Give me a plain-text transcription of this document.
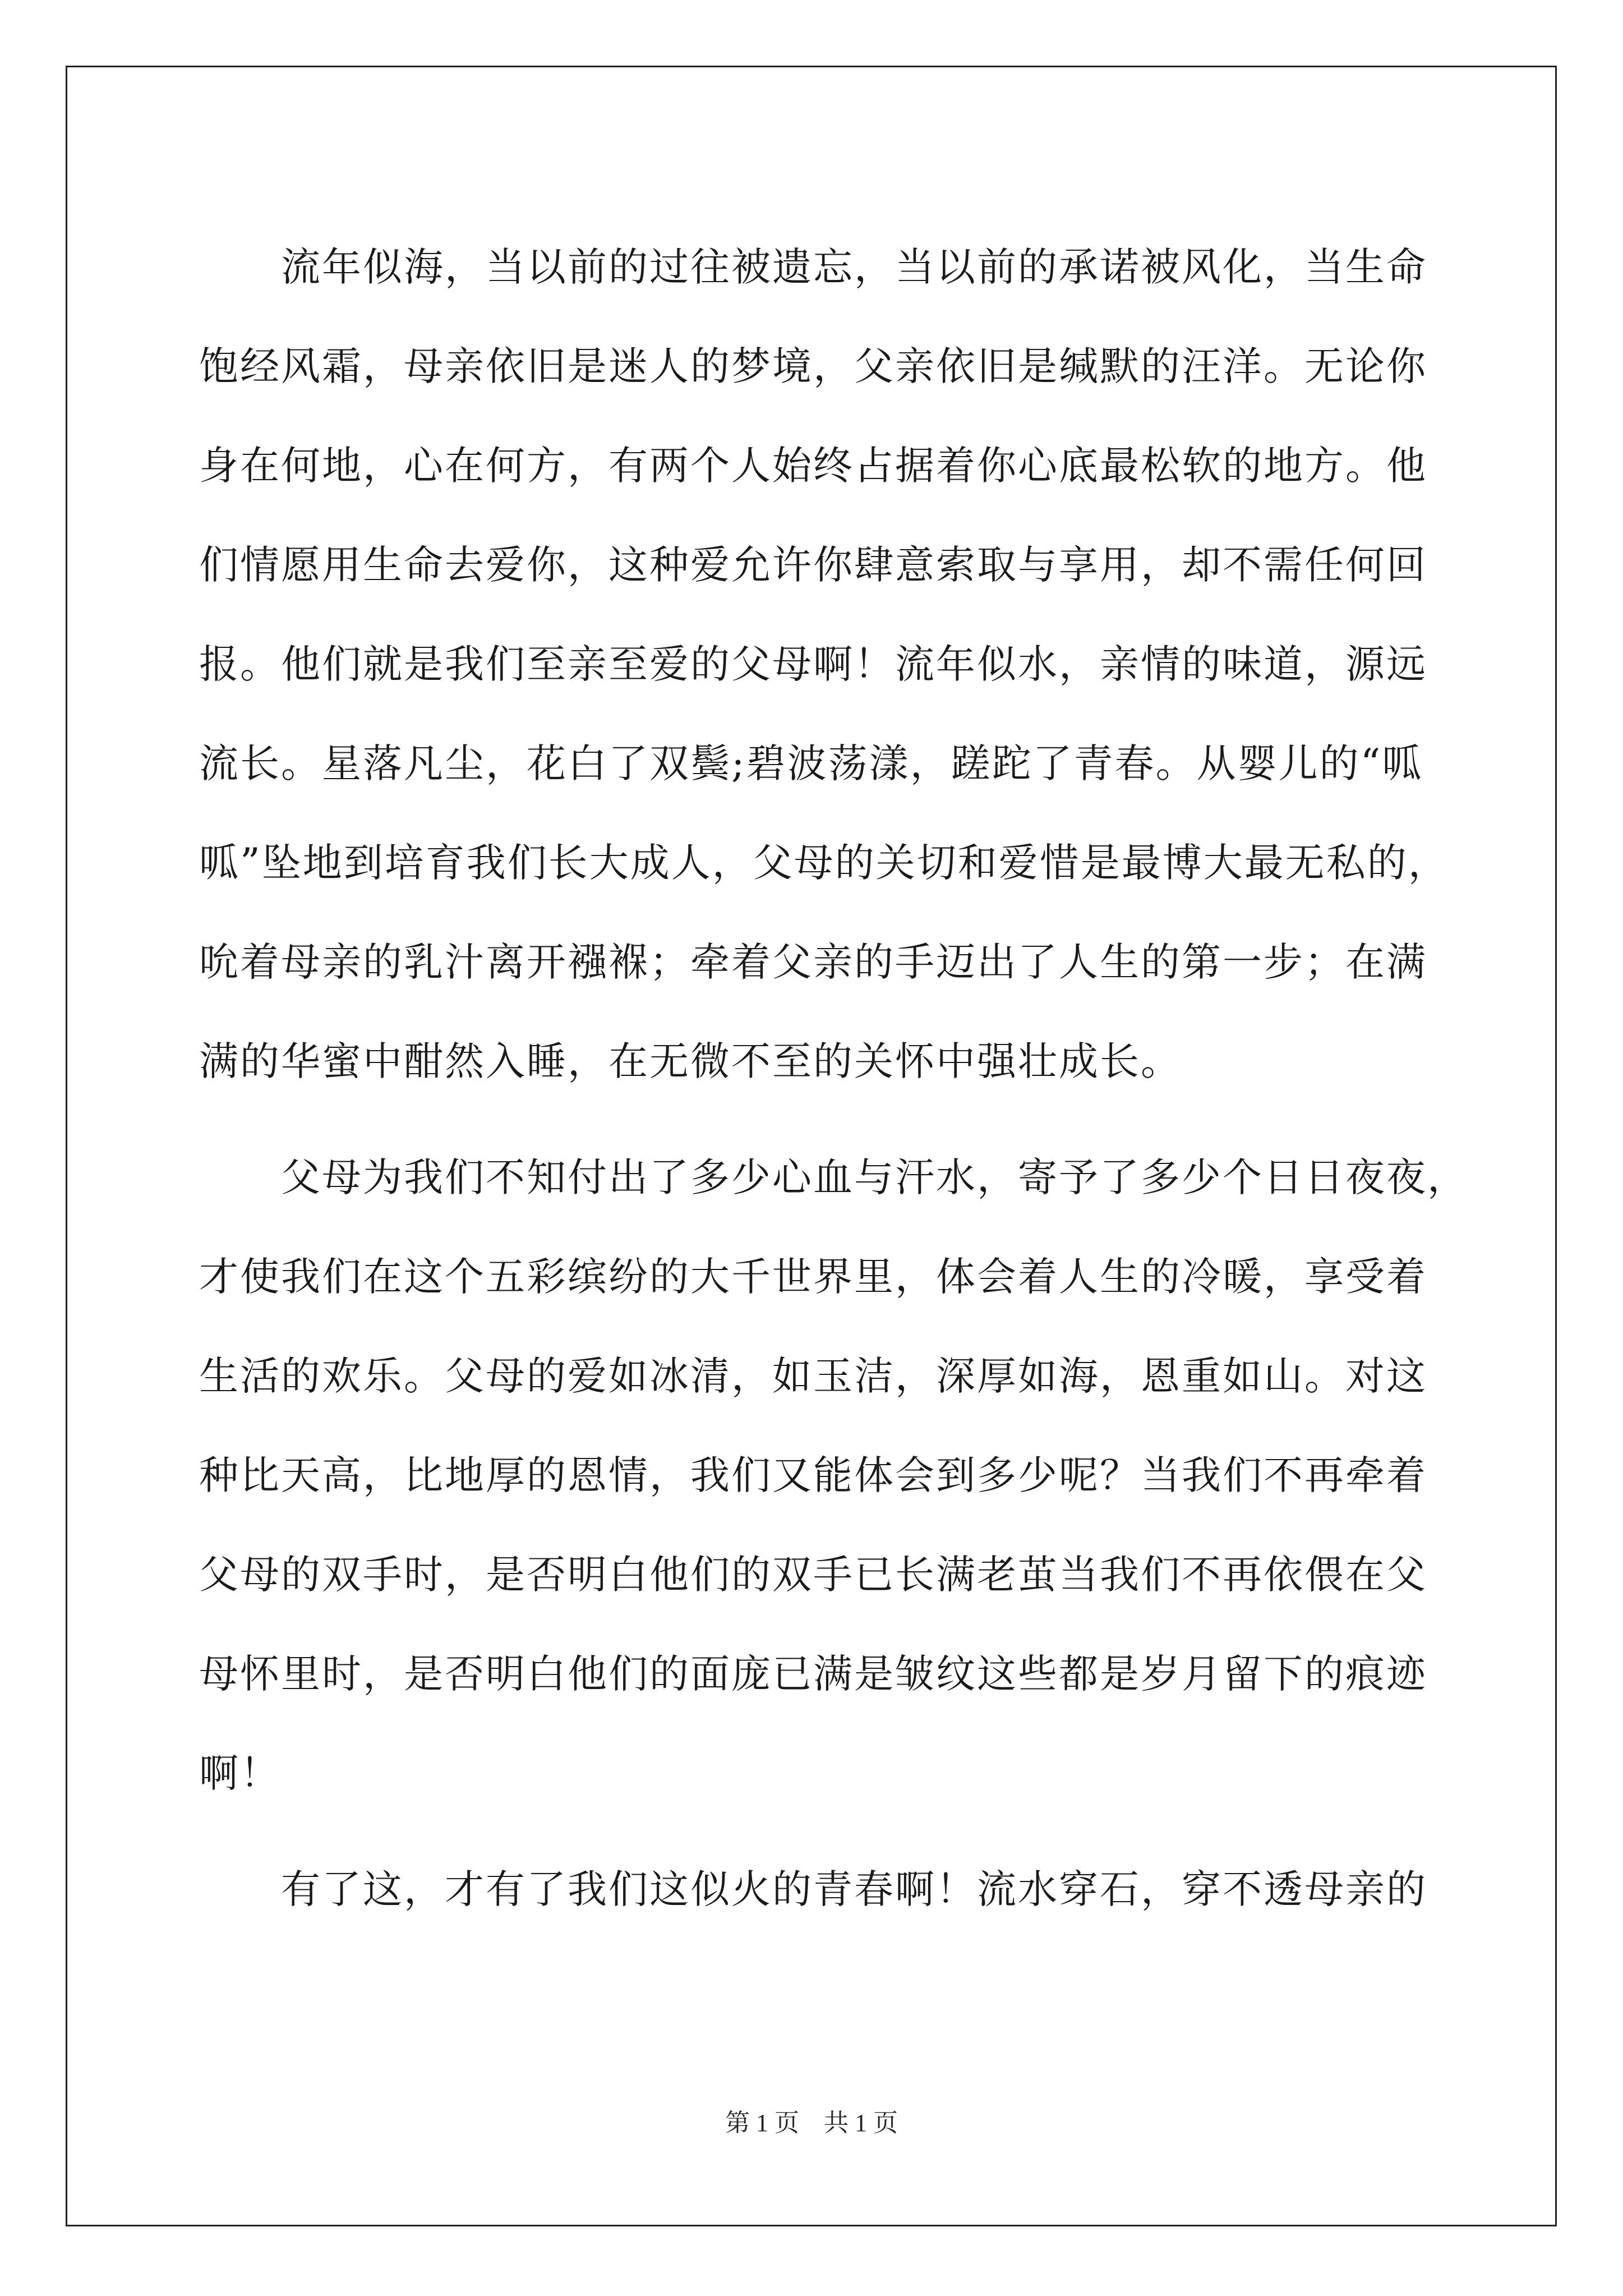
　　流年似海，当以前的过往被遗忘，当以前的承诺被风化，当生命
饱经风霜，母亲依旧是迷人的梦境，父亲依旧是缄默的汪洋。无论你
身在何地，心在何方，有两个人始终占据着你心底最松软的地方。他
们情愿用生命去爱你，这种爱允许你肆意索取与享用，却不需任何回
报。他们就是我们至亲至爱的父母啊！流年似水，亲情的味道，源远
流长。星落凡尘，花白了双鬓;碧波荡漾，蹉跎了青春。从婴儿的“呱
呱”坠地到培育我们长大成人，父母的关切和爱惜是最博大最无私的，
吮着母亲的乳汁离开襁褓；牵着父亲的手迈出了人生的第一步；在满
满的华蜜中酣然入睡，在无微不至的关怀中强壮成长。
　　父母为我们不知付出了多少心血与汗水，寄予了多少个日日夜夜，
才使我们在这个五彩缤纷的大千世界里，体会着人生的冷暖，享受着
生活的欢乐。父母的爱如冰清，如玉洁，深厚如海，恩重如山。对这
种比天高，比地厚的恩情，我们又能体会到多少呢？当我们不再牵着
父母的双手时，是否明白他们的双手已长满老茧当我们不再依偎在父
母怀里时，是否明白他们的面庞已满是皱纹这些都是岁月留下的痕迹
啊！
　　有了这，才有了我们这似火的青春啊！流水穿石，穿不透母亲的
第 1 页    共 1 页
